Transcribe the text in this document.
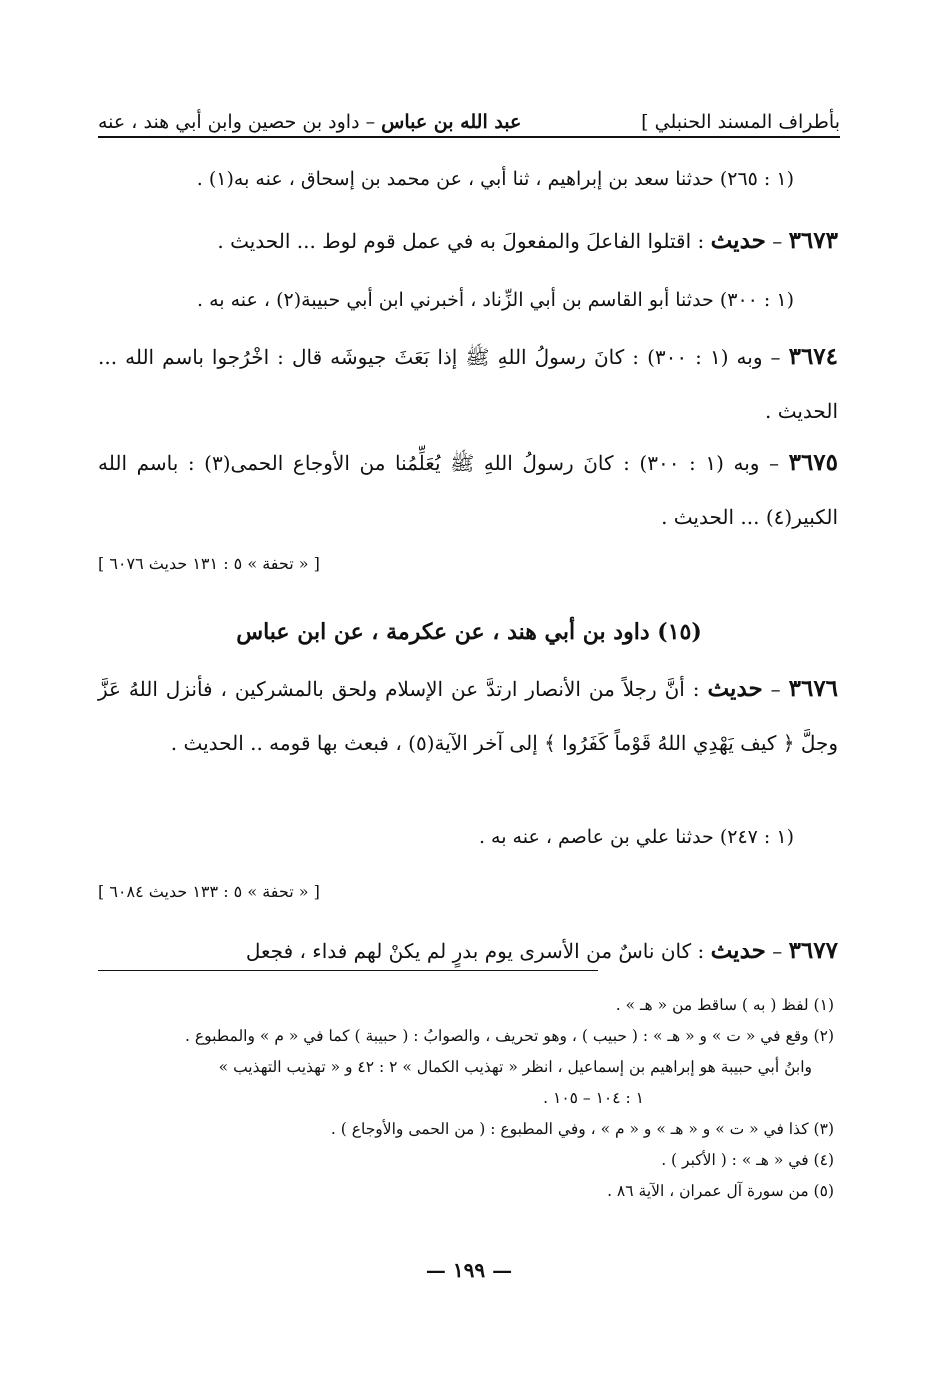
بأطراف المسند الحنبلي ]
عبد الله بن عباس – داود بن حصين وابن أبي هند ، عنه
(١ : ٢٦٥) حدثنا سعد بن إبراهيم ، ثنا أبي ، عن محمد بن إسحاق ، عنه به(١) .
٣٦٧٣ – حديث : اقتلوا الفاعلَ والمفعولَ به في عمل قوم لوط ... الحديث .
(١ : ٣٠٠) حدثنا أبو القاسم بن أبي الزِّناد ، أخبرني ابن أبي حبيبة(٢) ، عنه به .
٣٦٧٤ – وبه (١ : ٣٠٠) : كانَ رسولُ اللهِ ﷺ إذا بَعَثَ جيوشَه قال : اخْرُجوا باسم الله ... الحديث .
٣٦٧٥ – وبه (١ : ٣٠٠) : كانَ رسولُ اللهِ ﷺ يُعَلِّمُنا من الأوجاع الحمى(٣) : باسم الله الكبير(٤) ... الحديث .
[ « تحفة » ٥ : ١٣١ حديث ٦٠٧٦ ]
(١٥) داود بن أبي هند ، عن عكرمة ، عن ابن عباس
٣٦٧٦ – حديث : أنَّ رجلاً من الأنصار ارتدَّ عن الإسلام ولحق بالمشركين ، فأنزل اللهُ عَزَّ وجلَّ ﴿ كيف يَهْدِي اللهُ قَوْماً كَفَرُوا ﴾ إلى آخر الآية(٥) ، فبعث بها قومه .. الحديث .
(١ : ٢٤٧) حدثنا علي بن عاصم ، عنه به .
[ « تحفة » ٥ : ١٣٣ حديث ٦٠٨٤ ]
٣٦٧٧ – حديث : كان ناسٌ من الأسرى يوم بدرٍ لم يكنْ لهم فداء ، فجعل
(١) لفظ ( به ) ساقط من « هـ » .
(٢) وقع في « ت » و « هـ » : ( حبيب ) ، وهو تحريف ، والصوابُ : ( حبيبة ) كما في « م » والمطبوع .
وابنُ أبي حبيبة هو إبراهيم بن إسماعيل ، انظر « تهذيب الكمال » ٢ : ٤٢ و « تهذيب التهذيب »
١ : ١٠٤ – ١٠٥ .
(٣) كذا في « ت » و « هـ » و « م » ، وفي المطبوع : ( من الحمى والأوجاع ) .
(٤) في « هـ » : ( الأكبر ) .
(٥) من سورة آل عمران ، الآية ٨٦ .
— ١٩٩ —
